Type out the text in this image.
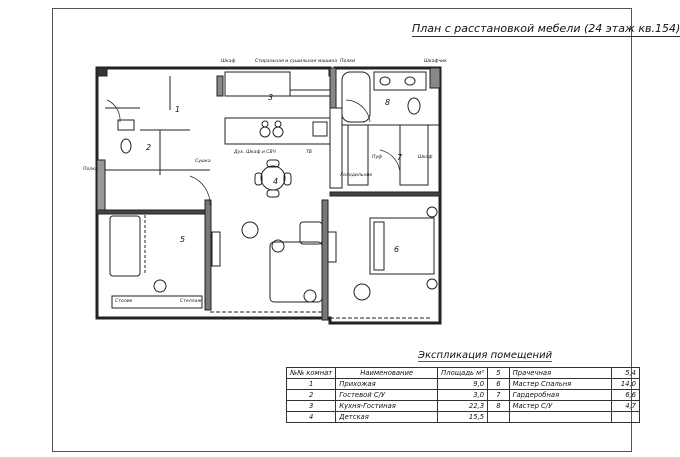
План с расстановкой мебели (24 этаж кв.154)
1
2
3
4
5
6
7
8
Шкаф	Стиральная и сушильная машина Полки	Шкафчик
Полки
Сушка
Дух. Шкаф и СВЧ	ТВ
Холодильник
Пуф	Шкаф
Столик	Стеллаж
Экспликация помещений
№№ комнат	Наименование	Площадь м²	5	Прачечная	5,4
1	Прихожая	9,0	6	Мастер Спальня	14,0
2	Гостевой С/У	3,0	7	Гардеробная	6,6
3	Кухня-Гостиная	22,3	8	Мастер С/У	4,7
4	Детская	15,5			
